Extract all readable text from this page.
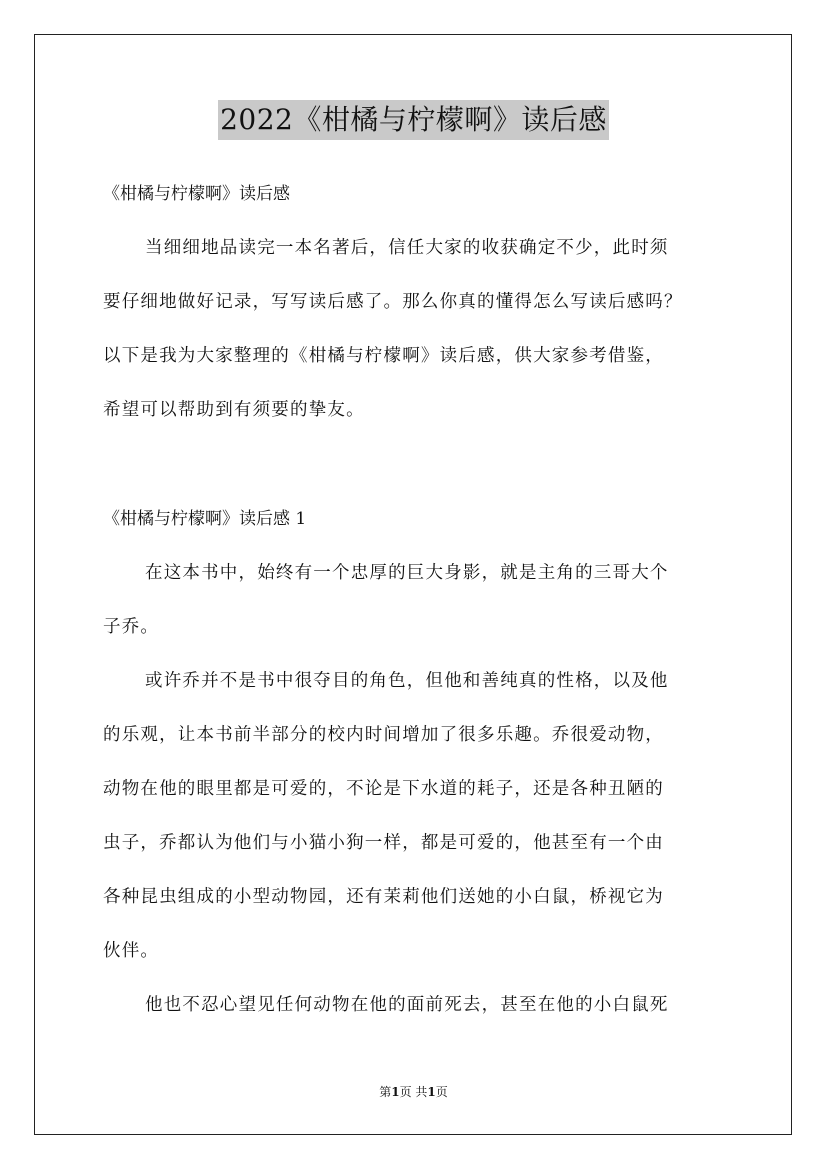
2022《柑橘与柠檬啊》读后感
《柑橘与柠檬啊》读后感
当细细地品读完一本名著后，信任大家的收获确定不少，此时须
要仔细地做好记录，写写读后感了。那么你真的懂得怎么写读后感吗？
以下是我为大家整理的《柑橘与柠檬啊》读后感，供大家参考借鉴，
希望可以帮助到有须要的挚友。
《柑橘与柠檬啊》读后感 1
在这本书中，始终有一个忠厚的巨大身影，就是主角的三哥大个
子乔。
或许乔并不是书中很夺目的角色，但他和善纯真的性格，以及他
的乐观，让本书前半部分的校内时间增加了很多乐趣。乔很爱动物，
动物在他的眼里都是可爱的，不论是下水道的耗子，还是各种丑陋的
虫子，乔都认为他们与小猫小狗一样，都是可爱的，他甚至有一个由
各种昆虫组成的小型动物园，还有茉莉他们送她的小白鼠，桥视它为
伙伴。
他也不忍心望见任何动物在他的面前死去，甚至在他的小白鼠死
第1页 共1页
